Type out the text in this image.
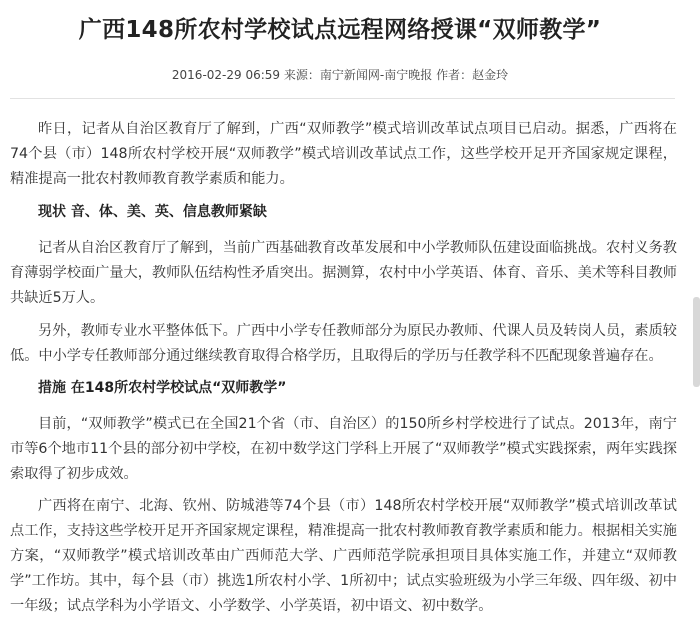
广西148所农村学校试点远程网络授课“双师教学”
2016-02-29 06:59 来源：南宁新闻网-南宁晚报 作者：赵金玲

昨日，记者从自治区教育厅了解到，广西“双师教学”模式培训改革试点项目已启动。据悉，广西将在74个县（市）148所农村学校开展“双师教学”模式培训改革试点工作，这些学校开足开齐国家规定课程，精准提高一批农村教师教育教学素质和能力。

现状 音、体、美、英、信息教师紧缺

记者从自治区教育厅了解到，当前广西基础教育改革发展和中小学教师队伍建设面临挑战。农村义务教育薄弱学校面广量大，教师队伍结构性矛盾突出。据测算，农村中小学英语、体育、音乐、美术等科目教师共缺近5万人。

另外，教师专业水平整体低下。广西中小学专任教师部分为原民办教师、代课人员及转岗人员，素质较低。中小学专任教师部分通过继续教育取得合格学历，且取得后的学历与任教学科不匹配现象普遍存在。

措施 在148所农村学校试点“双师教学”

目前，“双师教学”模式已在全国21个省（市、自治区）的150所乡村学校进行了试点。2013年，南宁市等6个地市11个县的部分初中学校，在初中数学这门学科上开展了“双师教学”模式实践探索，两年实践探索取得了初步成效。

广西将在南宁、北海、钦州、防城港等74个县（市）148所农村学校开展“双师教学”模式培训改革试点工作，支持这些学校开足开齐国家规定课程，精准提高一批农村教师教育教学素质和能力。根据相关实施方案，“双师教学”模式培训改革由广西师范大学、广西师范学院承担项目具体实施工作，并建立“双师教学”工作坊。其中，每个县（市）挑选1所农村小学、1所初中；试点实验班级为小学三年级、四年级、初中一年级；试点学科为小学语文、小学数学、小学英语，初中语文、初中数学。
